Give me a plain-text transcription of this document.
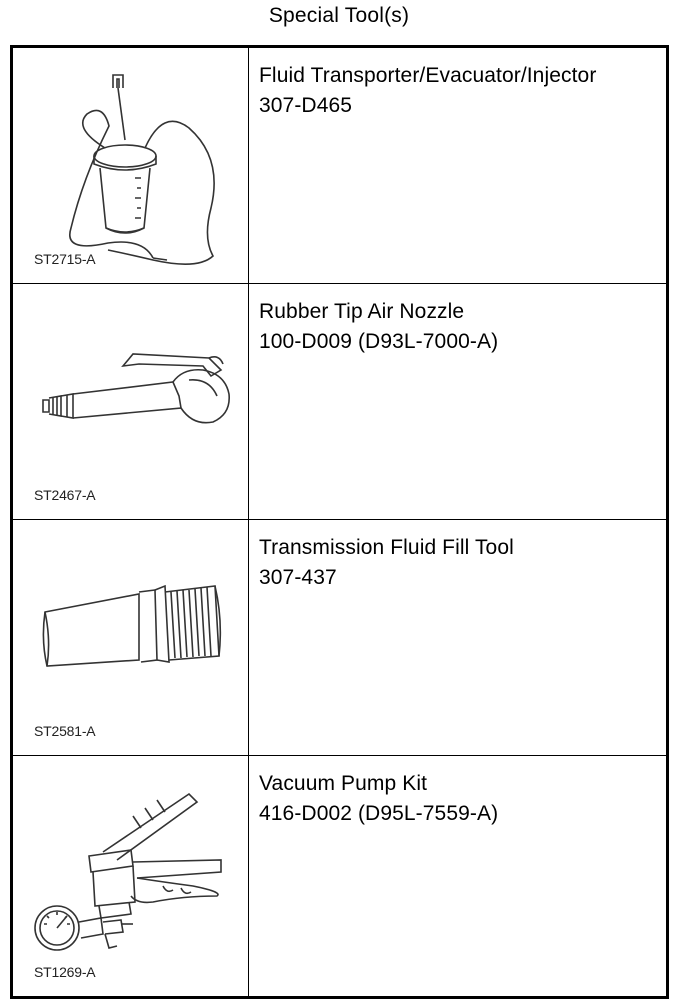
Special Tool(s)
ST2715-A
Fluid Transporter/Evacuator/Injector
307-D465
ST2467-A
Rubber Tip Air Nozzle
100-D009 (D93L-7000-A)
ST2581-A
Transmission Fluid Fill Tool
307-437
ST1269-A
Vacuum Pump Kit
416-D002 (D95L-7559-A)
